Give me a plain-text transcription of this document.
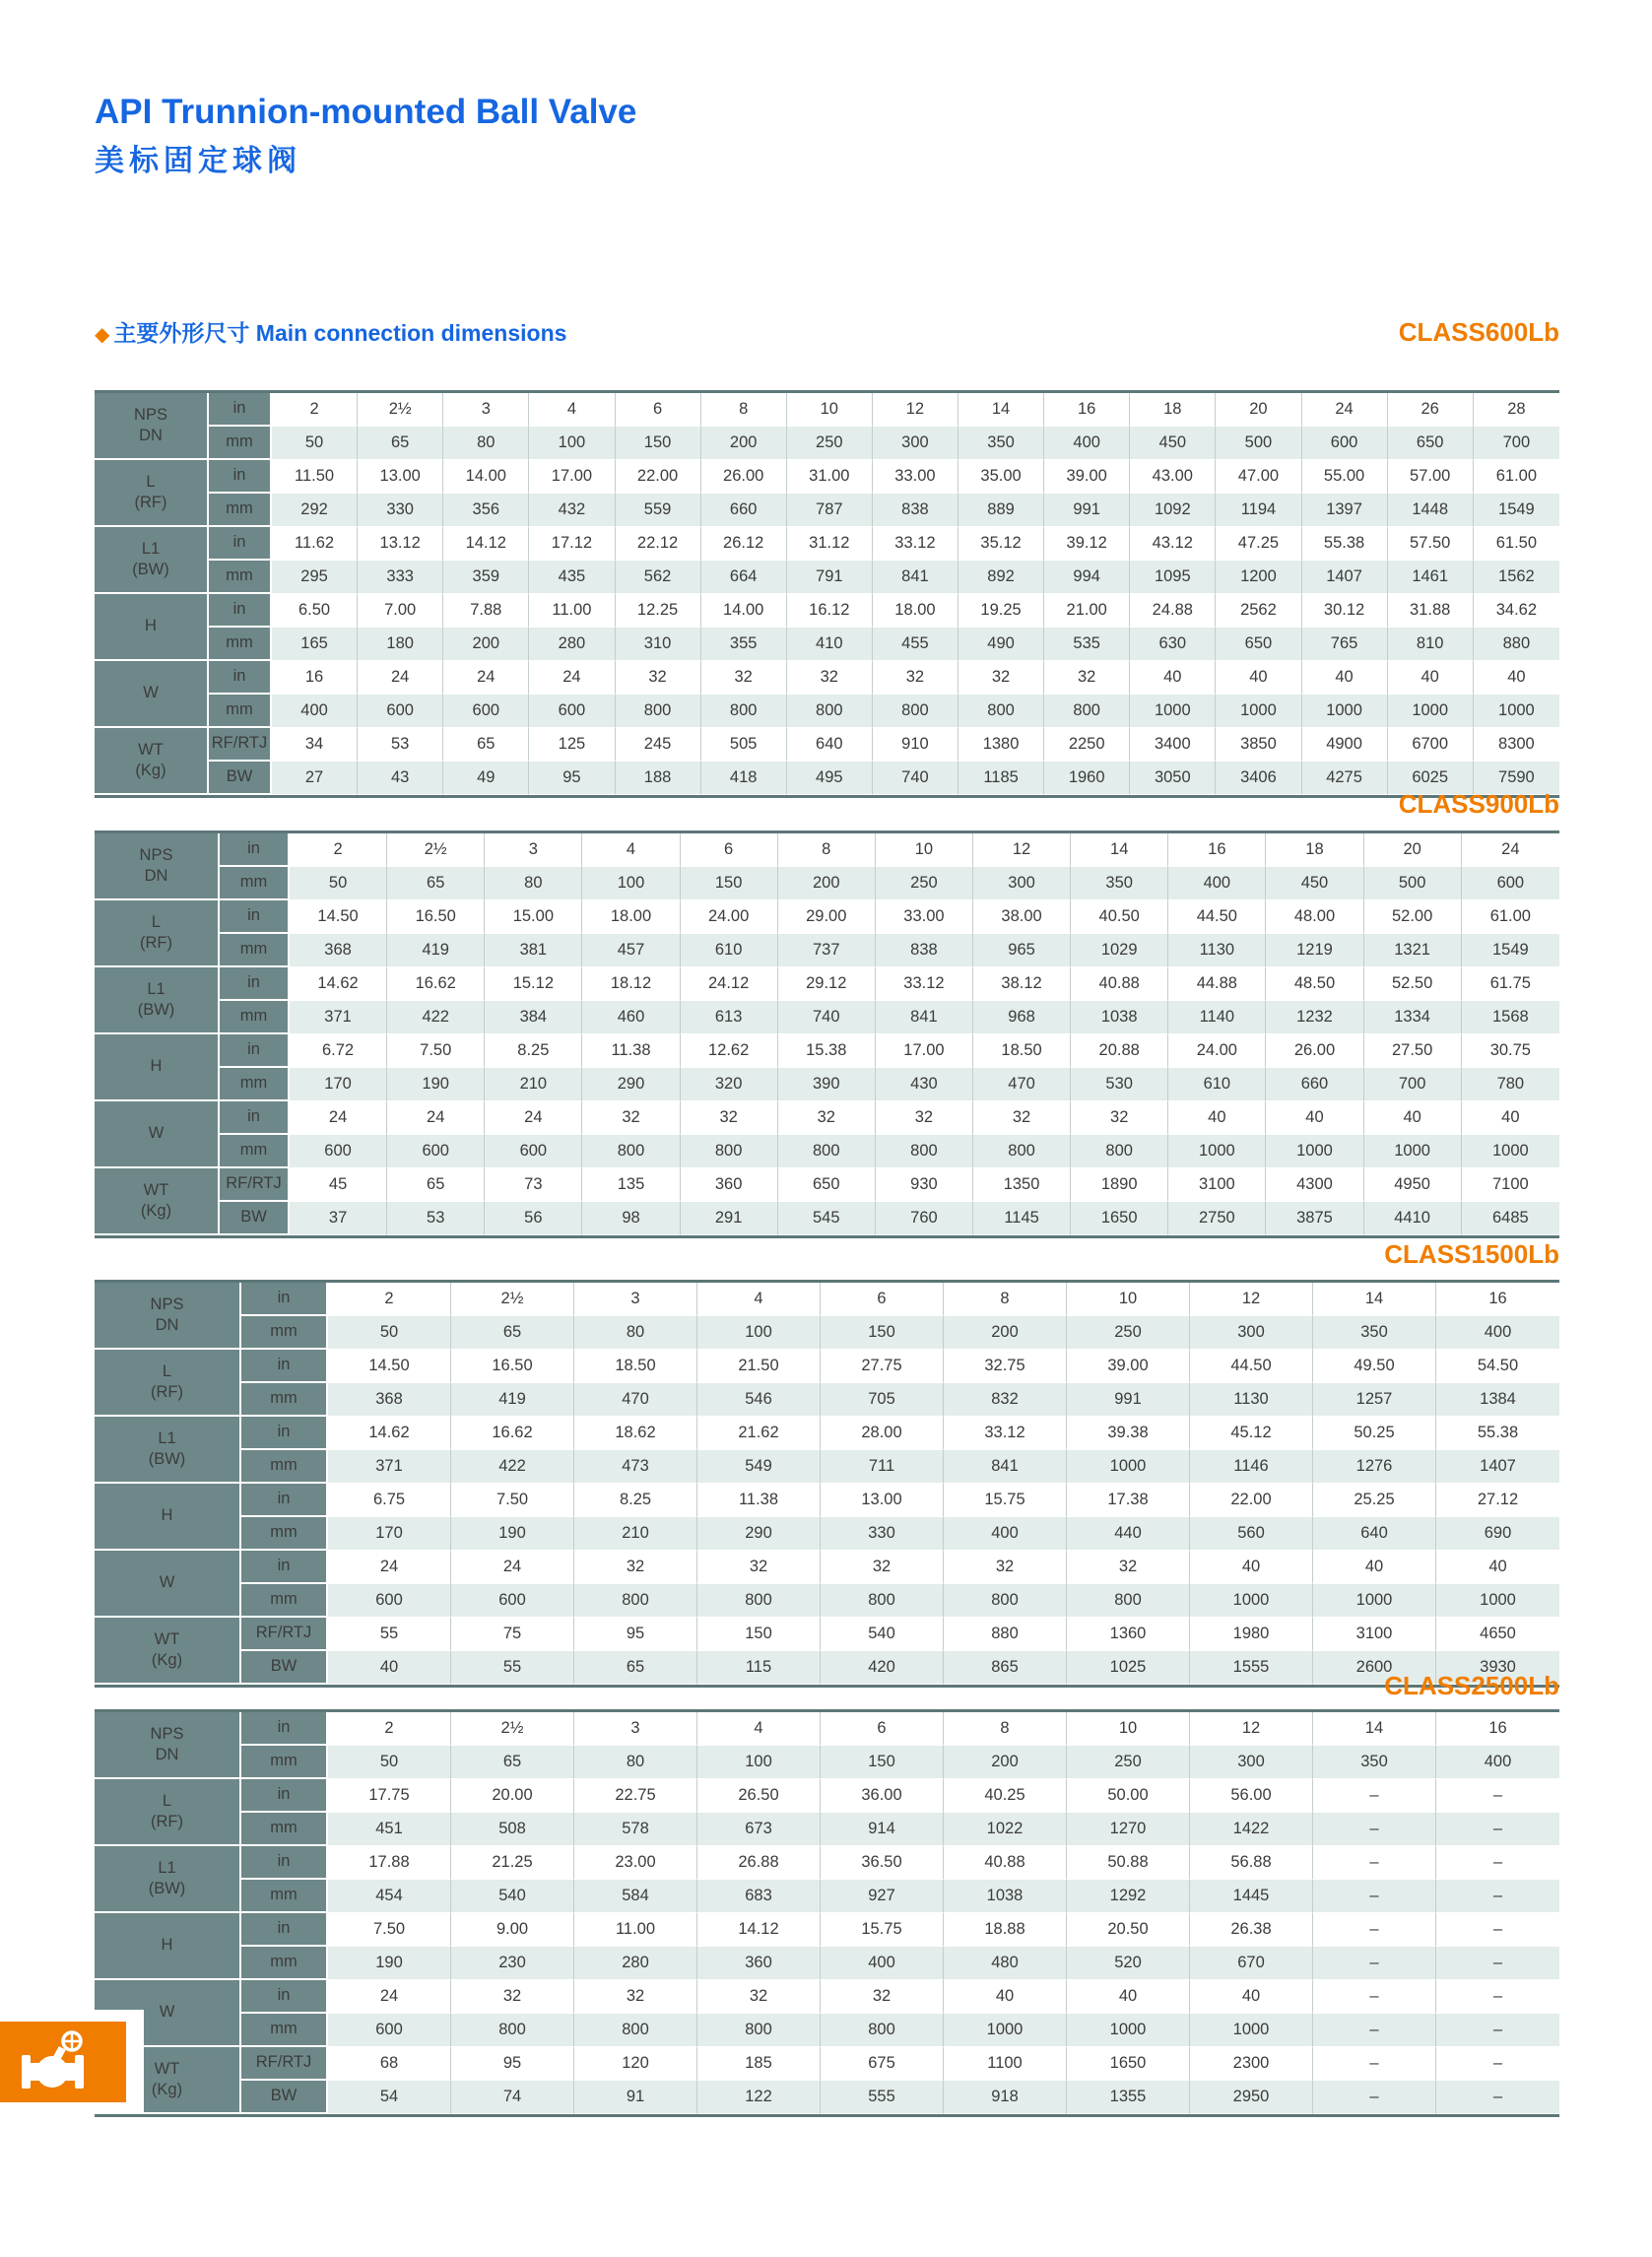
API Trunnion-mounted Ball Valve
美标固定球阀
◆ 主要外形尺寸 Main connection dimensions	CLASS600Lb
NPS
DN	in	2	2½	3	4	6	8	10	12	14	16	18	20	24	26	28
	mm	50	65	80	100	150	200	250	300	350	400	450	500	600	650	700
L
(RF)	in	11.50	13.00	14.00	17.00	22.00	26.00	31.00	33.00	35.00	39.00	43.00	47.00	55.00	57.00	61.00
	mm	292	330	356	432	559	660	787	838	889	991	1092	1194	1397	1448	1549
L1
(BW)	in	11.62	13.12	14.12	17.12	22.12	26.12	31.12	33.12	35.12	39.12	43.12	47.25	55.38	57.50	61.50
	mm	295	333	359	435	562	664	791	841	892	994	1095	1200	1407	1461	1562
H	in	6.50	7.00	7.88	11.00	12.25	14.00	16.12	18.00	19.25	21.00	24.88	2562	30.12	31.88	34.62
	mm	165	180	200	280	310	355	410	455	490	535	630	650	765	810	880
W	in	16	24	24	24	32	32	32	32	32	32	40	40	40	40	40
	mm	400	600	600	600	800	800	800	800	800	800	1000	1000	1000	1000	1000
WT
(Kg)	RF/RTJ	34	53	65	125	245	505	640	910	1380	2250	3400	3850	4900	6700	8300
	BW	27	43	49	95	188	418	495	740	1185	1960	3050	3406	4275	6025	7590
CLASS900Lb
NPS
DN	in	2	2½	3	4	6	8	10	12	14	16	18	20	24
	mm	50	65	80	100	150	200	250	300	350	400	450	500	600
L
(RF)	in	14.50	16.50	15.00	18.00	24.00	29.00	33.00	38.00	40.50	44.50	48.00	52.00	61.00
	mm	368	419	381	457	610	737	838	965	1029	1130	1219	1321	1549
L1
(BW)	in	14.62	16.62	15.12	18.12	24.12	29.12	33.12	38.12	40.88	44.88	48.50	52.50	61.75
	mm	371	422	384	460	613	740	841	968	1038	1140	1232	1334	1568
H	in	6.72	7.50	8.25	11.38	12.62	15.38	17.00	18.50	20.88	24.00	26.00	27.50	30.75
	mm	170	190	210	290	320	390	430	470	530	610	660	700	780
W	in	24	24	24	32	32	32	32	32	32	40	40	40	40
	mm	600	600	600	800	800	800	800	800	800	1000	1000	1000	1000
WT
(Kg)	RF/RTJ	45	65	73	135	360	650	930	1350	1890	3100	4300	4950	7100
	BW	37	53	56	98	291	545	760	1145	1650	2750	3875	4410	6485
CLASS1500Lb
NPS
DN	in	2	2½	3	4	6	8	10	12	14	16
	mm	50	65	80	100	150	200	250	300	350	400
L
(RF)	in	14.50	16.50	18.50	21.50	27.75	32.75	39.00	44.50	49.50	54.50
	mm	368	419	470	546	705	832	991	1130	1257	1384
L1
(BW)	in	14.62	16.62	18.62	21.62	28.00	33.12	39.38	45.12	50.25	55.38
	mm	371	422	473	549	711	841	1000	1146	1276	1407
H	in	6.75	7.50	8.25	11.38	13.00	15.75	17.38	22.00	25.25	27.12
	mm	170	190	210	290	330	400	440	560	640	690
W	in	24	24	32	32	32	32	32	40	40	40
	mm	600	600	800	800	800	800	800	1000	1000	1000
WT
(Kg)	RF/RTJ	55	75	95	150	540	880	1360	1980	3100	4650
	BW	40	55	65	115	420	865	1025	1555	2600	3930
CLASS2500Lb
NPS
DN	in	2	2½	3	4	6	8	10	12	14	16
	mm	50	65	80	100	150	200	250	300	350	400
L
(RF)	in	17.75	20.00	22.75	26.50	36.00	40.25	50.00	56.00	–	–
	mm	451	508	578	673	914	1022	1270	1422	–	–
L1
(BW)	in	17.88	21.25	23.00	26.88	36.50	40.88	50.88	56.88	–	–
	mm	454	540	584	683	927	1038	1292	1445	–	–
H	in	7.50	9.00	11.00	14.12	15.75	18.88	20.50	26.38	–	–
	mm	190	230	280	360	400	480	520	670	–	–
W	in	24	32	32	32	32	40	40	40	–	–
	mm	600	800	800	800	800	1000	1000	1000	–	–
WT
(Kg)	RF/RTJ	68	95	120	185	675	1100	1650	2300	–	–
	BW	54	74	91	122	555	918	1355	2950	–	–
